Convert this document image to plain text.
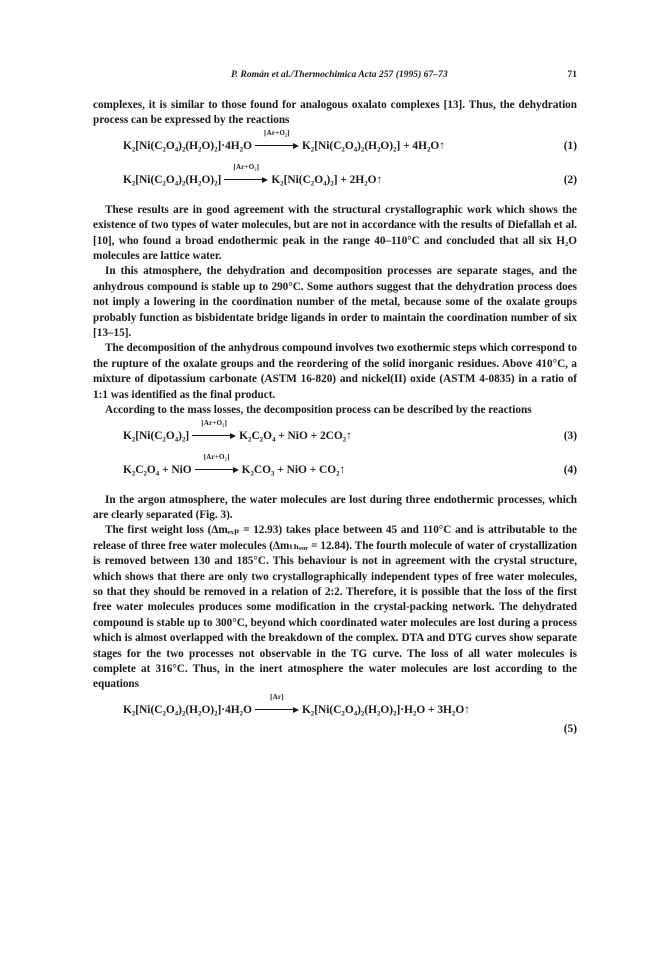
P. Román et al./Thermochimica Acta 257 (1995) 67–73	71

complexes, it is similar to those found for analogous oxalato complexes [13]. Thus, the dehydration process can be expressed by the reactions

K₂[Ni(C₂O₄)₂(H₂O)₂]·4H₂O
[Ar+O₂]
K₂[Ni(C₂O₄)₂(H₂O)₂] + 4H₂O↑	(1)
K₂[Ni(C₂O₄)₂(H₂O)₂]
[Ar+O₂]
K₂[Ni(C₂O₄)₂] + 2H₂O↑	(2)

These results are in good agreement with the structural crystallographic work which shows the existence of two types of water molecules, but are not in accordance with the results of Diefallah et al. [10], who found a broad endothermic peak in the range 40–110°C and concluded that all six H₂O molecules are lattice water.

In this atmosphere, the dehydration and decomposition processes are separate stages, and the anhydrous compound is stable up to 290°C. Some authors suggest that the dehydration process does not imply a lowering in the coordination number of the metal, because some of the oxalate groups probably function as bisbidentate bridge ligands in order to maintain the coordination number of six [13–15].

The decomposition of the anhydrous compound involves two exothermic steps which correspond to the rupture of the oxalate groups and the reordering of the solid inorganic residues. Above 410°C, a mixture of dipotassium carbonate (ASTM 16-820) and nickel(II) oxide (ASTM 4-0835) in a ratio of 1:1 was identified as the final product.

According to the mass losses, the decomposition process can be described by the reactions

K₂[Ni(C₂O₄)₂]
[Ar+O₂]
K₂C₂O₄ + NiO + 2CO₂↑	(3)
K₂C₂O₄ + NiO
[Ar+O₂]
K₂CO₃ + NiO + CO₂↑	(4)

In the argon atmosphere, the water molecules are lost during three endothermic processes, which are clearly separated (Fig. 3).

The first weight loss (Δmₑₓₚ = 12.93) takes place between 45 and 110°C and is attributable to the release of three free water molecules (Δmₜₕₑₒᵣ = 12.84). The fourth molecule of water of crystallization is removed between 130 and 185°C. This behaviour is not in agreement with the crystal structure, which shows that there are only two crystallographically independent types of free water molecules, so that they should be removed in a relation of 2:2. Therefore, it is possible that the loss of the first free water molecules produces some modification in the crystal-packing network. The dehydrated compound is stable up to 300°C, beyond which coordinated water molecules are lost during a process which is almost overlapped with the breakdown of the complex. DTA and DTG curves show separate stages for the two processes not observable in the TG curve. The loss of all water molecules is complete at 316°C. Thus, in the inert atmosphere the water molecules are lost according to the equations

K₂[Ni(C₂O₄)₂(H₂O)₂]·4H₂O
[Ar]
K₂[Ni(C₂O₄)₂(H₂O)₂]·H₂O + 3H₂O↑
(5)
